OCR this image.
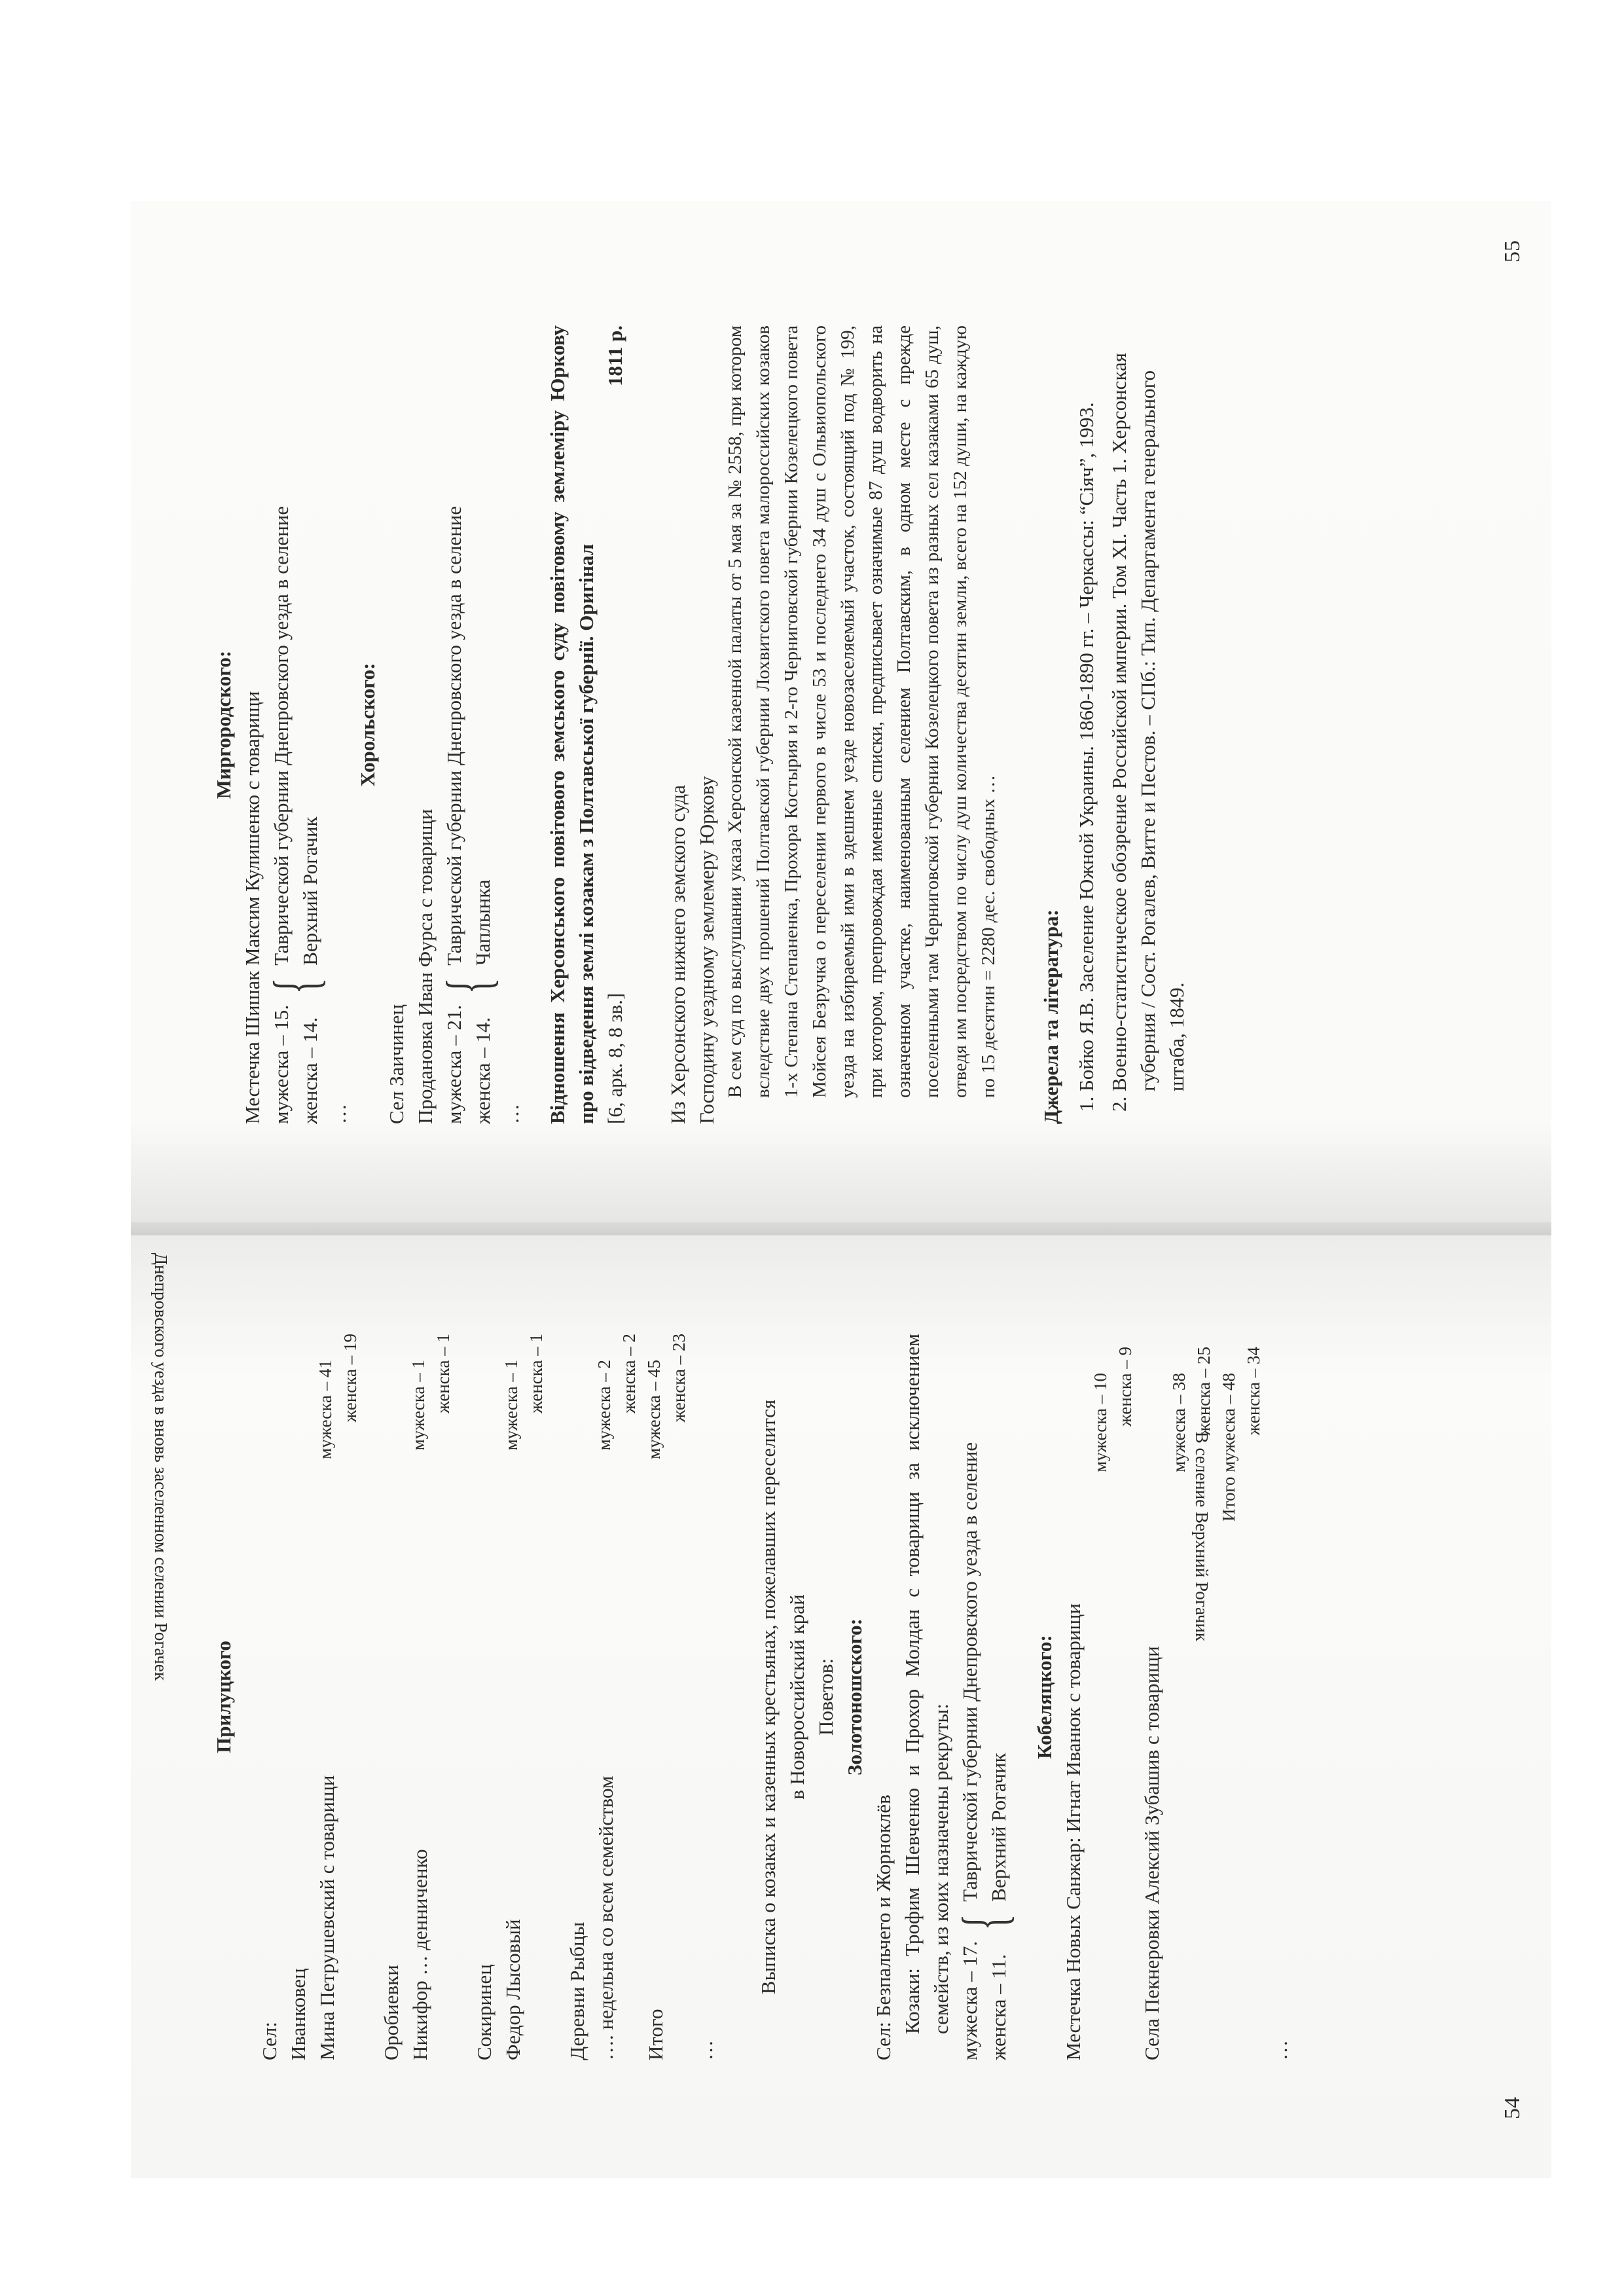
Прилуцкого
Сел: Иванковец Мина Петрушевский с товарищи
мужеска – 41 женска – 19
Оробиевки Никифор … денниченко
мужеска – 1 женска – 1
Сокиринец Федор Лысовый
мужеска – 1 женска – 1
Деревни Рыбцы …. недельна со всем семейством
мужеска – 2 женска – 2
Итого
мужеска – 45 женска – 23
…
Днепровского уезда в вновь заселенном селении Рогачек	Выписка о козаках и казенных крестьянах, пожелавших переселится в Новороссийский край Поветов: Золотоношского:
Сел: Безпальчего и Жорноклёв Козаки: Трофим Шевченко и Прохор Молдан с товарищи за исключением семейств, из коих назначены рекруты: мужеска – 17. женска – 11.
{
Таврической губернии Днепровского уезда в селение Верхний Рогачик
Кобеляцкого: Местечка Новых Санжар: Игнат Иванюк с товарищи
мужеска – 10 женска – 9
Села Пекнеровки Алексий Зубашив с товарищи
мужеска – 38 женска – 25 Итого мужеска – 48 женска – 34
В селение Верхний Рогачик
…
54
Миргородского: Местечка Шишак Максим Кулишенко с товарищи мужеска – 15. женска – 14.
{
Таврической губернии Днепровского уезда в селение Верхний Рогачик
…
Хорольского:
Сел Заичинец Продановка Иван Фурса с товарищи мужеска – 21. женска – 14.
{
Таврической губернии Днепровского уезда в селение Чаплынка
… Відношення Херсонського повітового земського суду повітовому землеміру Юркову про відведення землі козакам з Полтавської губернії. Оригінал [6, арк. 8, 8 зв.]
1811 р.
Из Херсонского нижнего земского суда Господину уездному землемеру Юркову В сем суд по выслушании указа Херсонской казенной палаты от 5 мая за № 2558, при котором вследствие двух прошений Полтавской губернии Лохвитского повета малороссийских козаков 1-х Степана Степаненка, Прохора Костырия и 2-го Черниговской губернии Козелецкого повета Мойсея Безручка о переселении первого в числе 53 и последнего 34 душ с Ольвиопольского уезда на избираемый ими в здешнем уезде новозаселяемый участок, состоящий под № 199, при котором, препровождая именные списки, предписывает означимые 87 душ водворить на означенном участке, наименованным селением Полтавским, в одном месте с прежде поселенными там Черниговской губернии Козелецкого повета из разных сел казаками 65 душ, отведя им посредством по числу душ количества десятин земли, всего на 152 души, на каждую по 15 десятин = 2280 дес. свободных … Джерела та література: 1. Бойко Я.В. Заселение Южной Украины. 1860-1890 гг. – Черкассы: “Сіяч”, 1993. 2. Военно-статистическое обозрение Российской империи. Том XI. Часть 1. Херсонская губерния / Сост. Рогалев, Витте и Пестов. – СПб.: Тип. Департамента генерального штаба, 1849.
55
